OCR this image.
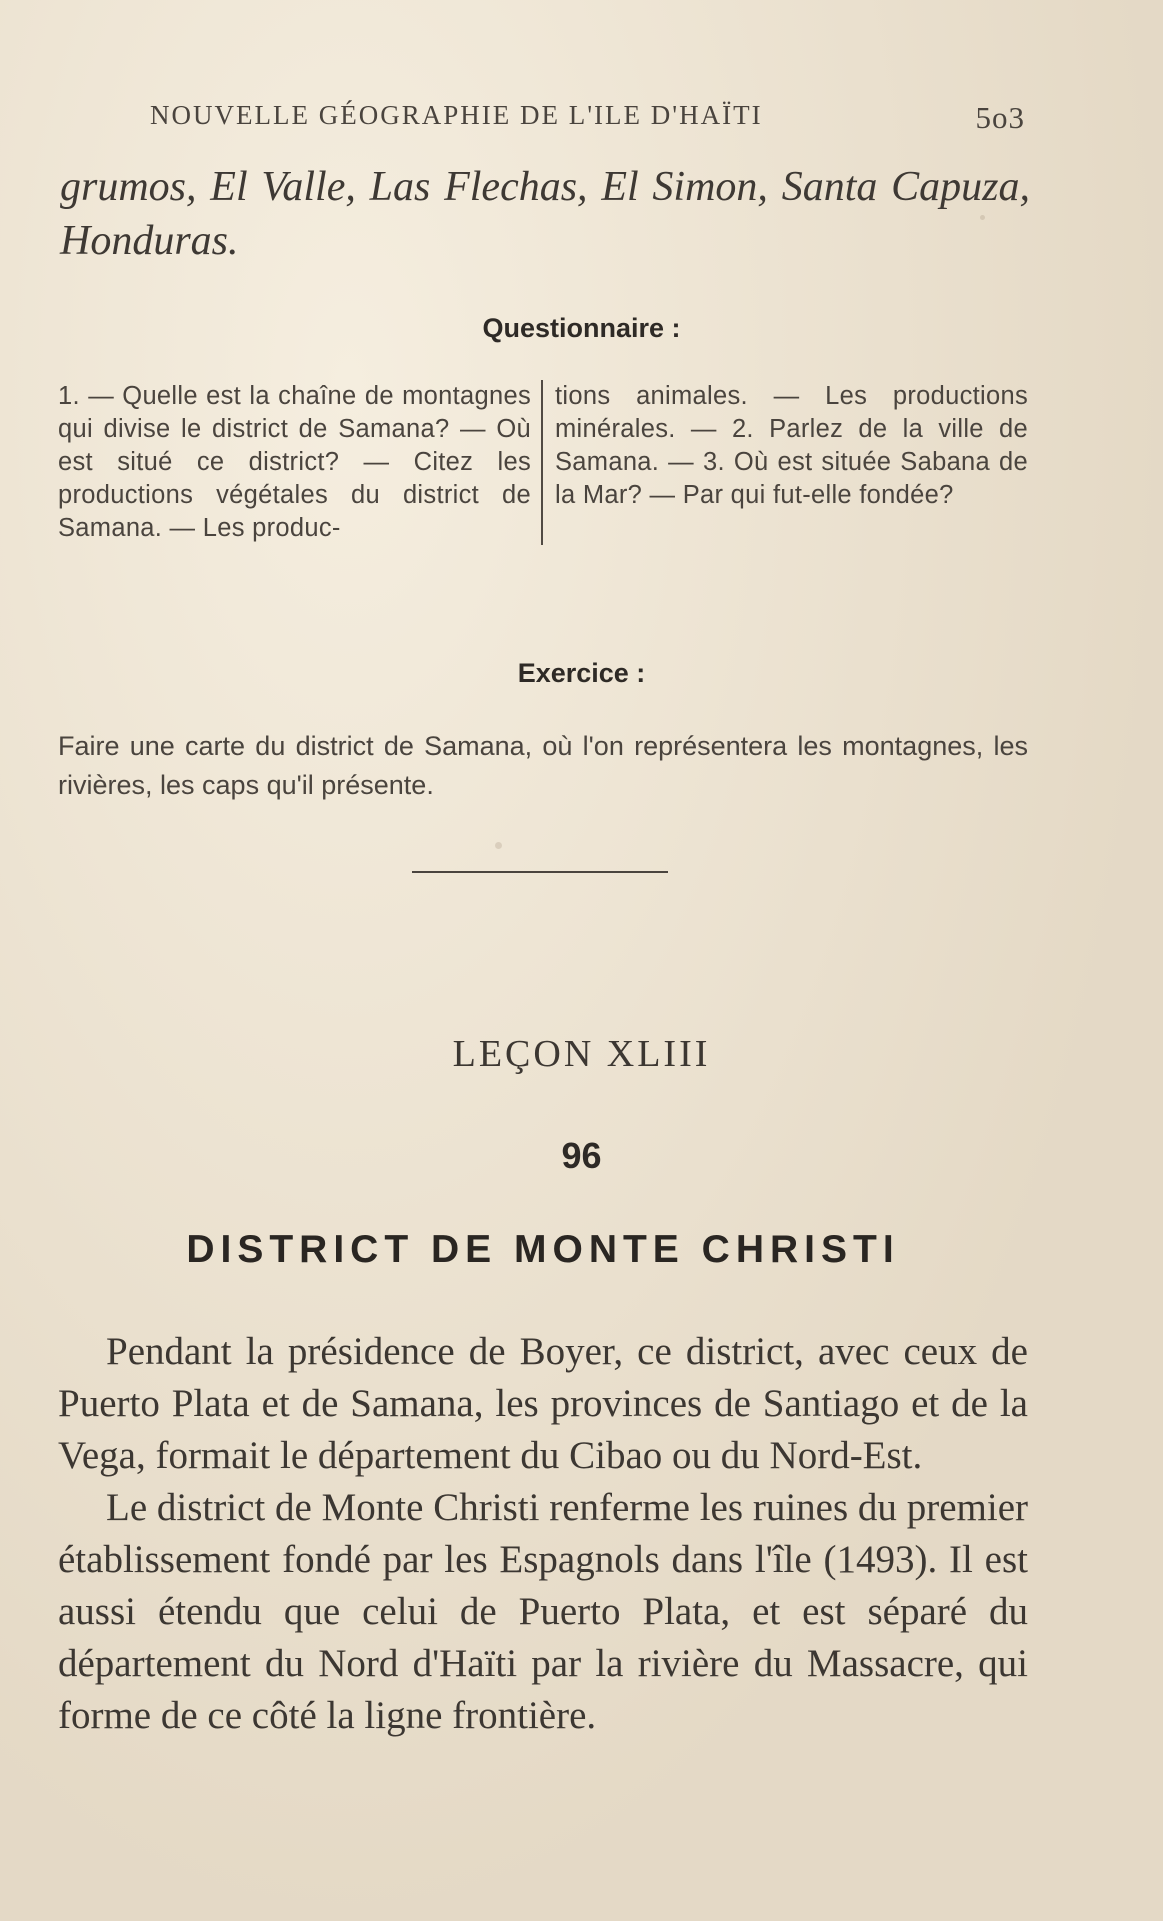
NOUVELLE GÉOGRAPHIE DE L'ILE D'HAÏTI	5o3
grumos, El Valle, Las Flechas, El Simon, Santa Capuza, Honduras.
Questionnaire :
1. — Quelle est la chaîne de montagnes qui divise le district de Samana? — Où est situé ce district? — Citez les productions végétales du district de Samana. — Les produc-
tions animales. — Les productions minérales. — 2. Parlez de la ville de Samana. — 3. Où est située Sabana de la Mar? — Par qui fut-elle fondée?
Exercice :
Faire une carte du district de Samana, où l'on représentera les montagnes, les rivières, les caps qu'il présente.
LEÇON XLIII
96
DISTRICT DE MONTE CHRISTI

Pendant la présidence de Boyer, ce district, avec ceux de Puerto Plata et de Samana, les provinces de Santiago et de la Vega, formait le département du Cibao ou du Nord-Est.

Le district de Monte Christi renferme les ruines du premier établissement fondé par les Espagnols dans l'île (1493). Il est aussi étendu que celui de Puerto Plata, et est séparé du département du Nord d'Haïti par la rivière du Massacre, qui forme de ce côté la ligne frontière.
